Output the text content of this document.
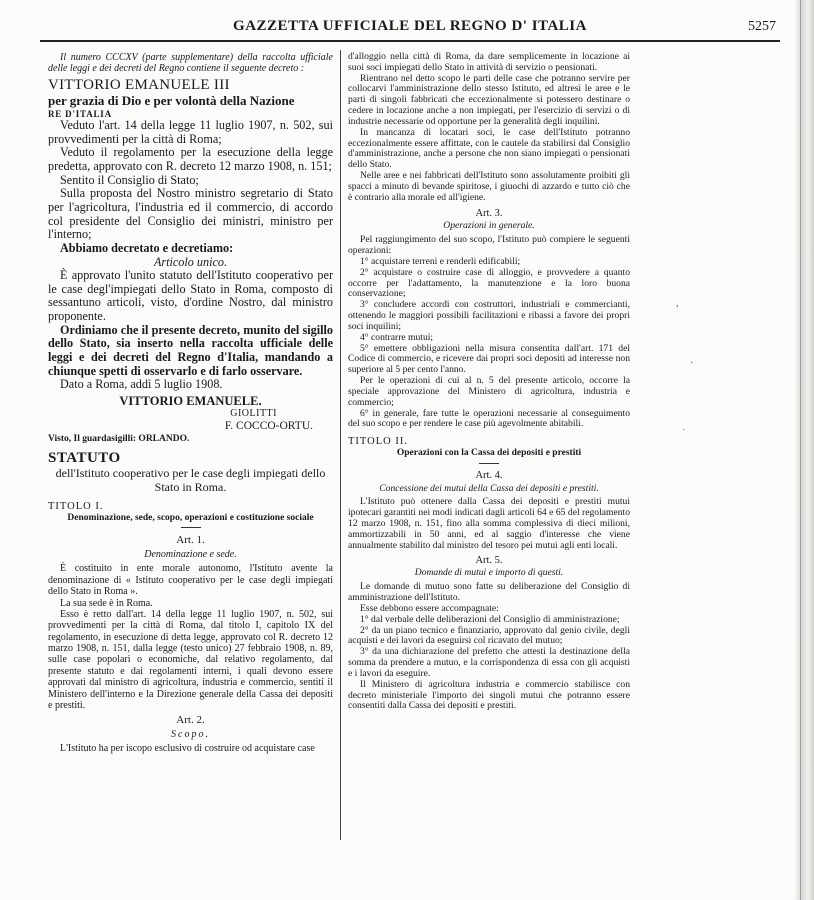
GAZZETTA UFFICIALE DEL REGNO D' ITALIA	5257

Il numero CCCXV (parte supplementare) della raccolta ufficiale delle leggi e dei decreti del Regno contiene il seguente decreto :

VITTORIO EMANUELE III

per grazia di Dio e per volontà della Nazione

RE D'ITALIA

Veduto l'art. 14 della legge 11 luglio 1907, n. 502, sui provvedimenti per la città di Roma;

Veduto il regolamento per la esecuzione della legge predetta, approvato con R. decreto 12 marzo 1908, n. 151;

Sentito il Consiglio di Stato;

Sulla proposta del Nostro ministro segretario di Stato per l'agricoltura, l'industria ed il commercio, di accordo col presidente del Consiglio dei ministri, ministro per l'interno;

Abbiamo decretato e decretiamo:

Articolo unico.

È approvato l'unito statuto dell'Istituto cooperativo per le case degl'impiegati dello Stato in Roma, composto di sessantuno articoli, visto, d'ordine Nostro, dal ministro proponente.

Ordiniamo che il presente decreto, munito del sigillo dello Stato, sia inserto nella raccolta ufficiale delle leggi e dei decreti del Regno d'Italia, mandando a chiunque spetti di osservarlo e di farlo osservare.

Dato a Roma, addì 5 luglio 1908.

VITTORIO EMANUELE.

GIOLITTI
F. COCCO-ORTU.

Visto, Il guardasigilli: ORLANDO.

STATUTO

dell'Istituto cooperativo per le case degli impiegati dello Stato in Roma.

TITOLO I.

Denominazione, sede, scopo, operazioni e costituzione sociale

Art. 1.

Denominazione e sede.

È costituito in ente morale autonomo, l'Istituto avente la denominazione di « Istituto cooperativo per le case degli impiegati dello Stato in Roma ».

La sua sede è in Roma.

Esso è retto dall'art. 14 della legge 11 luglio 1907, n. 502, sui provvedimenti per la città di Roma, dal titolo I, capitolo IX del regolamento, in esecuzione di detta legge, approvato col R. decreto 12 marzo 1908, n. 151, dalla legge (testo unico) 27 febbraio 1908, n. 89, sulle case popolari o economiche, dal relativo regolamento, dal presente statuto e dai regolamenti interni, i quali devono essere approvati dal ministro di agricoltura, industria e commercio, sentiti il Ministero dell'interno e la Direzione generale della Cassa dei depositi e prestiti.

Art. 2.

Scopo.

L'Istituto ha per iscopo esclusivo di costruire od acquistare case

d'alloggio nella città di Roma, da dare semplicemente in locazione ai suoi soci impiegati dello Stato in attività di servizio o pensionati.

Rientrano nel detto scopo le parti delle case che potranno servire per collocarvi l'amministrazione dello stesso Istituto, ed altresì le aree e le parti di singoli fabbricati che eccezionalmente si potessero destinare o cedere in locazione anche a non impiegati, per l'esercizio di servizi o di industrie necessarie od opportune per la generalità degli inquilini.

In mancanza di locatari soci, le case dell'Istituto potranno eccezionalmente essere affittate, con le cautele da stabilirsi dal Consiglio d'amministrazione, anche a persone che non siano impiegati o pensionati dello Stato.

Nelle aree e nei fabbricati dell'Istituto sono assolutamente proibiti gli spacci a minuto di bevande spiritose, i giuochi di azzardo e tutto ciò che è contrario alla morale ed all'igiene.

Art. 3.

Operazioni in generale.

Pel raggiungimento del suo scopo, l'Istituto può compiere le seguenti operazioni:

1° acquistare terreni e renderli edificabili;

2° acquistare o costruire case di alloggio, e provvedere a quanto occorre per l'adattamento, la manutenzione e la loro buona conservazione;

3° concludere accordi con costruttori, industriali e commercianti, ottenendo le maggiori possibili facilitazioni e ribassi a favore dei propri soci inquilini;

4° contrarre mutui;

5° emettere obbligazioni nella misura consentita dall'art. 171 del Codice di commercio, e ricevere dai propri soci depositi ad interesse non superiore al 5 per cento l'anno.

Per le operazioni di cui al n. 5 del presente articolo, occorre la speciale approvazione del Ministero di agricoltura, industria e commercio;

6° in generale, fare tutte le operazioni necessarie al conseguimento del suo scopo e per rendere le case più agevolmente abitabili.

TITOLO II.

Operazioni con la Cassa dei depositi e prestiti

Art. 4.

Concessione dei mutui della Cassa dei depositi e prestiti.

L'Istituto può ottenere dalla Cassa dei depositi e prestiti mutui ipotecari garantiti nei modi indicati dagli articoli 64 e 65 del regolamento 12 marzo 1908, n. 151, fino alla somma complessiva di dieci milioni, ammortizzabili in 50 anni, ed al saggio d'interesse che viene annualmente stabilito dal ministro del tesoro pei mutui agli enti locali.

Art. 5.

Domande di mutui e importo di questi.

Le domande di mutuo sono fatte su deliberazione del Consiglio di amministrazione dell'Istituto.

Esse debbono essere accompagnate:

1° dal verbale delle deliberazioni del Consiglio di amministrazione;

2° da un piano tecnico e finanziario, approvato dal genio civile, degli acquisti e dei lavori da eseguirsi col ricavato del mutuo;

3° da una dichiarazione del prefetto che attesti la destinazione della somma da prendere a mutuo, e la corrispondenza di essa con gli acquisti e i lavori da eseguire.

Il Ministero di agricoltura industria e commercio stabilisce con decreto ministeriale l'importo dei singoli mutui che potranno essere consentiti dalla Cassa dei depositi e prestiti.

,
·
˙
